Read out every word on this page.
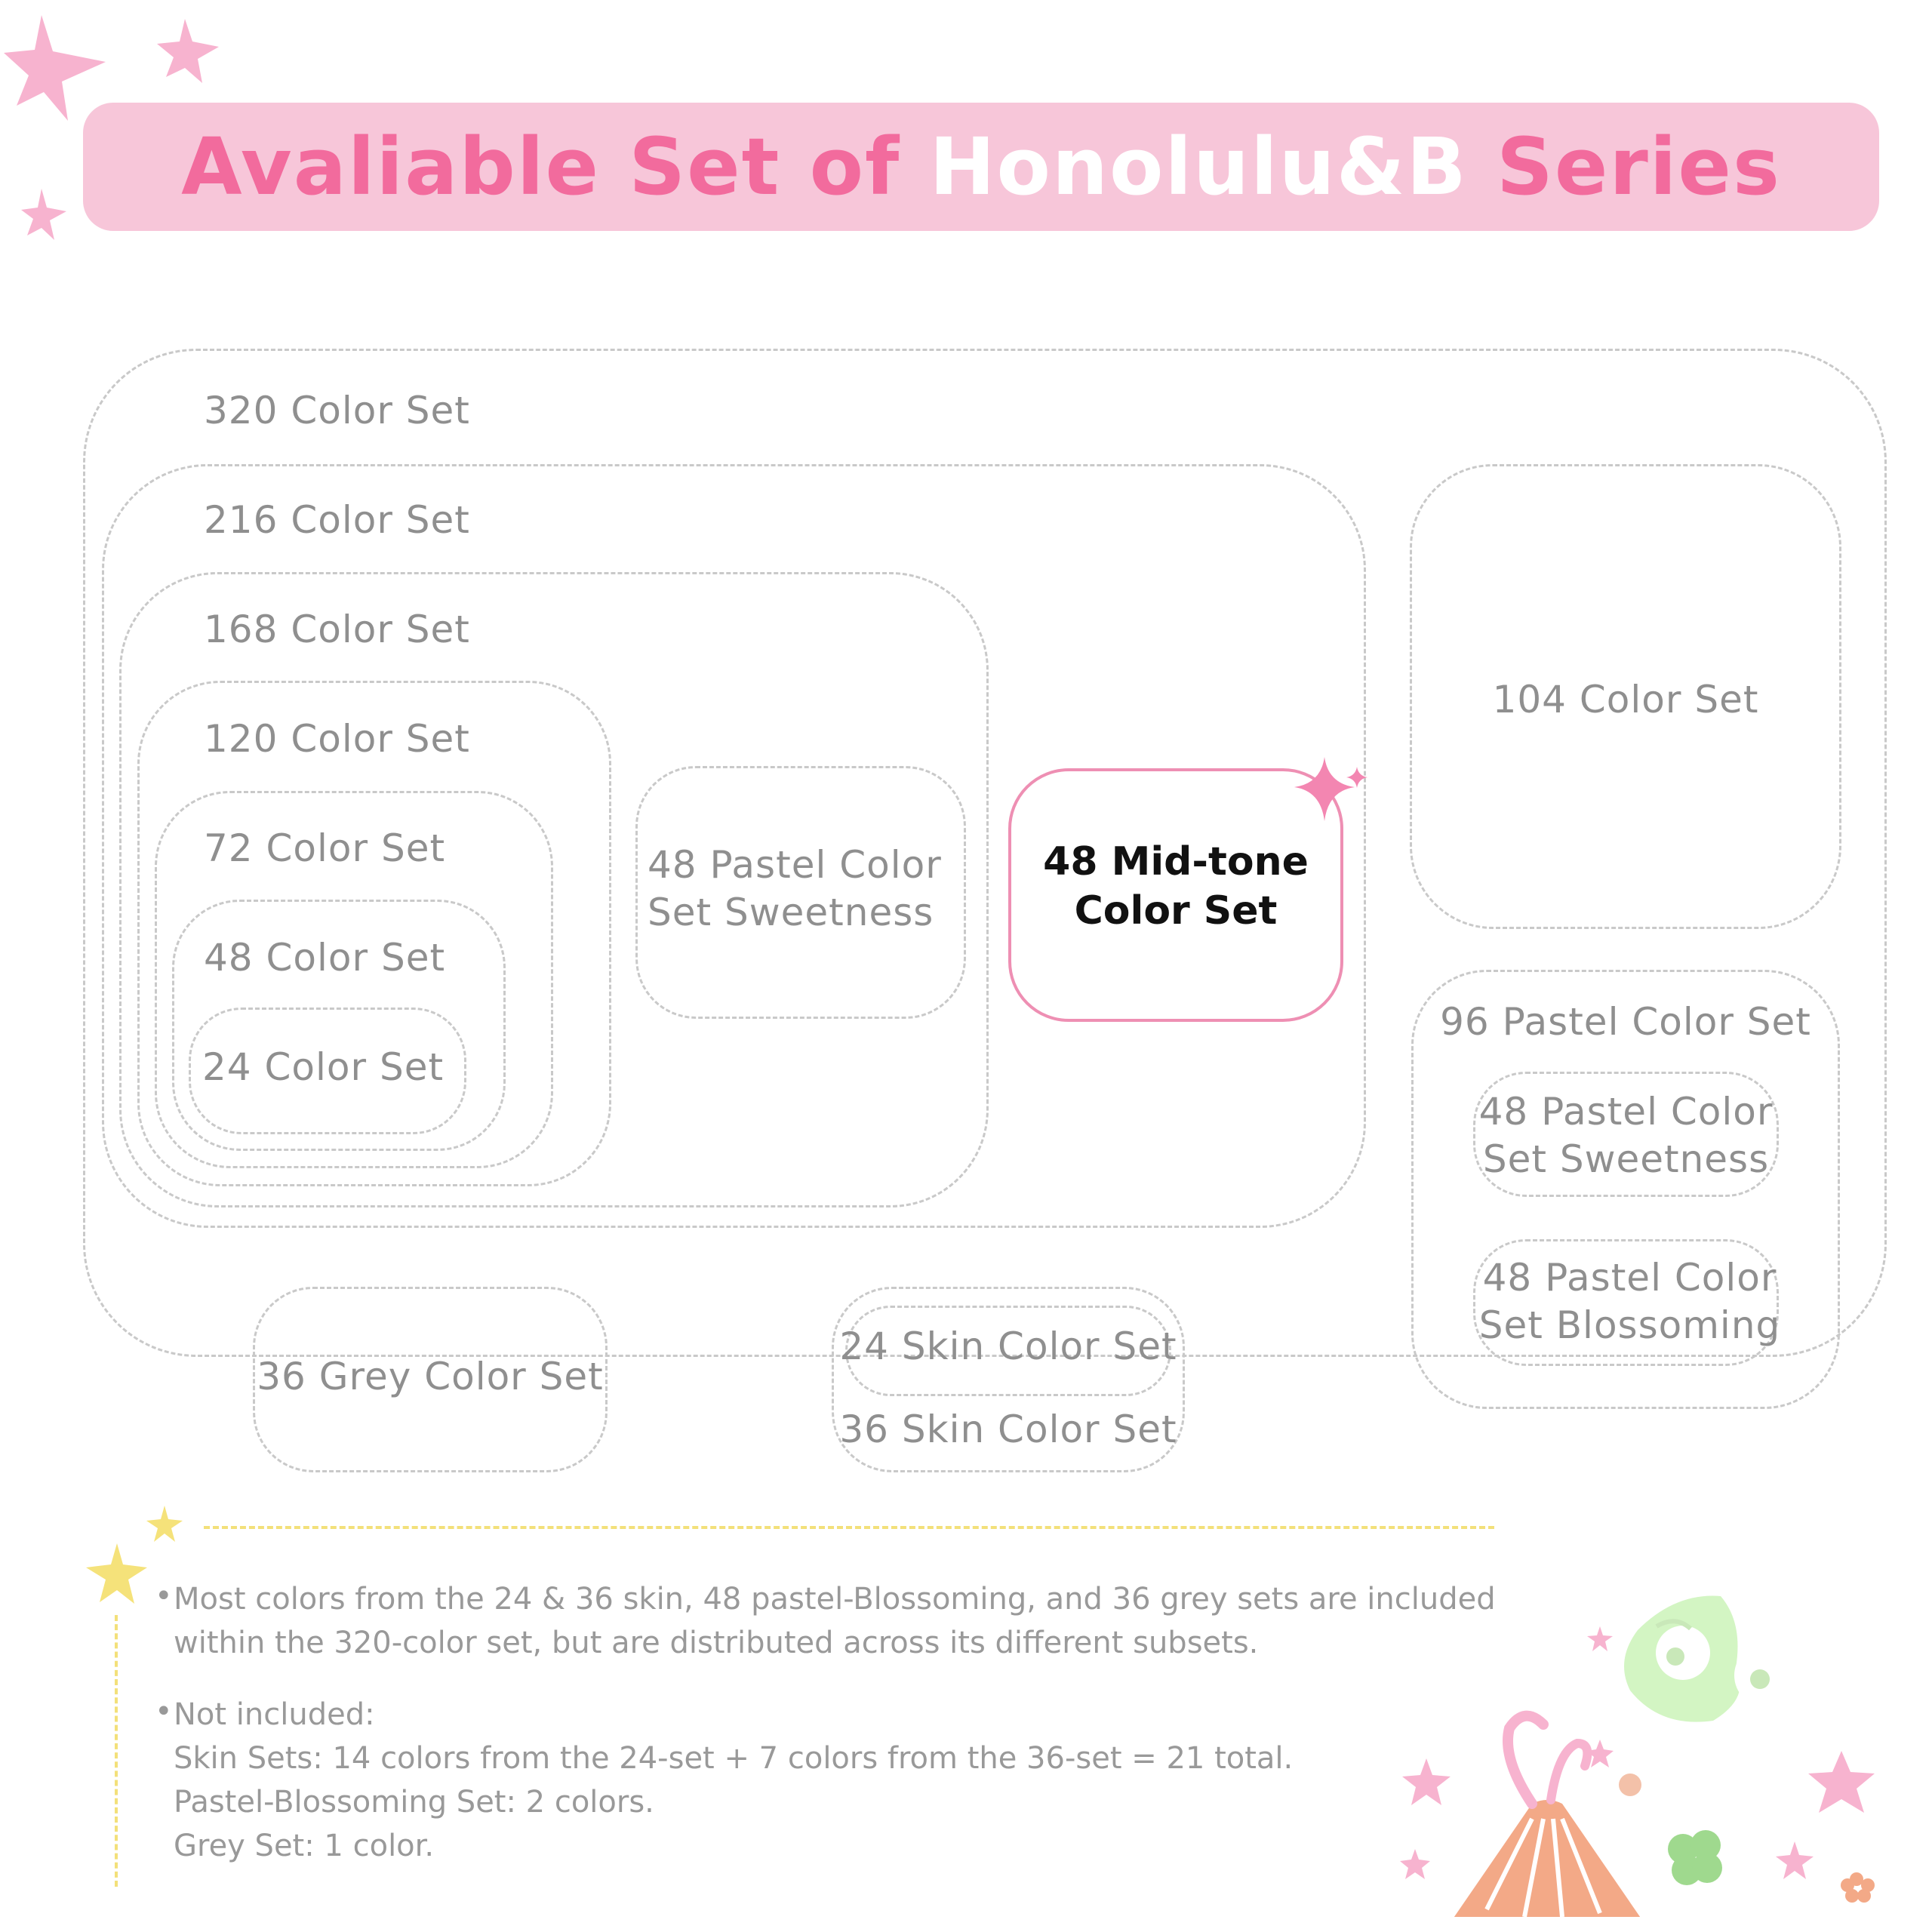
Avaliable Set of
Honolulu&B
Series
320 Color Set
216 Color Set
168 Color Set
120 Color Set
72 Color Set
48 Color Set
24 Color Set
48 Pastel Color Set Sweetness
48 Mid-tone Color Set
104 Color Set
96 Pastel Color Set
48 Pastel Color Set Sweetness
48 Pastel Color Set Blossoming
36 Grey Color Set
24 Skin Color Set
36 Skin Color Set
• Most colors from the 24 & 36 skin, 48 pastel-Blossoming, and 36 grey sets are included
within the 320-color set, but are distributed across its different subsets.
• Not included:
Skin Sets: 14 colors from the 24-set + 7 colors from the 36-set = 21 total.
Pastel-Blossoming Set: 2 colors.
Grey Set: 1 color.
